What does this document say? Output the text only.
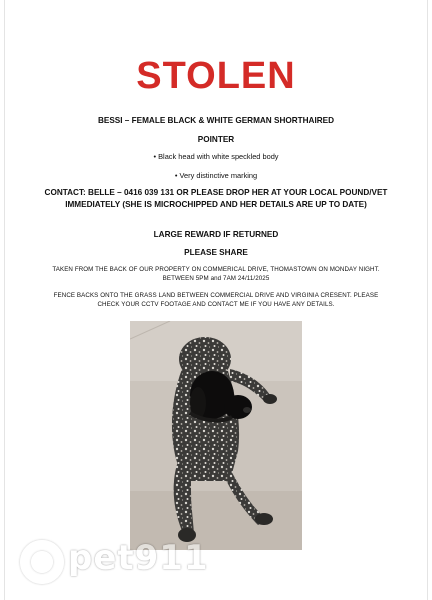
STOLEN
BESSI – FEMALE BLACK & WHITE GERMAN SHORTHAIRED
POINTER
• Black head with white speckled body
• Very distinctive marking
CONTACT: BELLE – 0416 039 131 OR PLEASE DROP HER AT YOUR LOCAL POUND/VET IMMEDIATELY (SHE IS MICROCHIPPED AND HER DETAILS ARE UP TO DATE)
LARGE REWARD IF RETURNED
PLEASE SHARE
TAKEN FROM THE BACK OF OUR PROPERTY ON COMMERICAL DRIVE, THOMASTOWN ON MONDAY NIGHT. BETWEEN 5PM and 7AM 24/11/2025
FENCE BACKS ONTO THE GRASS LAND BETWEEN COMMERCIAL DRIVE AND VIRGINIA CRESENT. PLEASE CHECK YOUR CCTV FOOTAGE AND CONTACT ME IF YOU HAVE ANY DETAILS.
pet911
